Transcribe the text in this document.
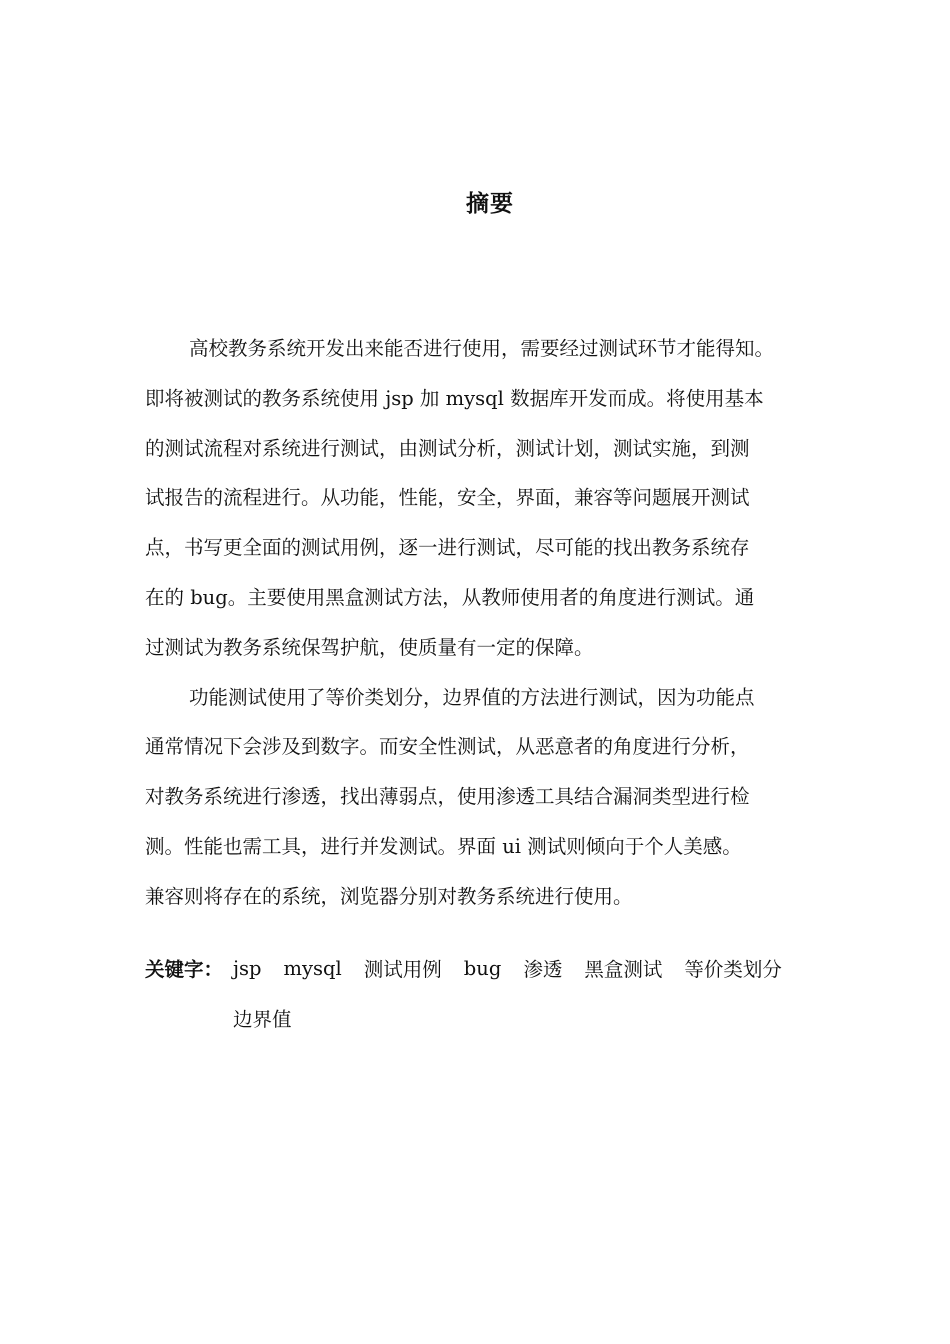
摘要
高校教务系统开发出来能否进行使用，需要经过测试环节才能得知。
即将被测试的教务系统使用 jsp 加 mysql 数据库开发而成。将使用基本
的测试流程对系统进行测试，由测试分析，测试计划，测试实施，到测
试报告的流程进行。从功能，性能，安全，界面，兼容等问题展开测试
点，书写更全面的测试用例，逐一进行测试，尽可能的找出教务系统存
在的 bug。主要使用黑盒测试方法，从教师使用者的角度进行测试。通
过测试为教务系统保驾护航，使质量有一定的保障。
功能测试使用了等价类划分，边界值的方法进行测试，因为功能点
通常情况下会涉及到数字。而安全性测试，从恶意者的角度进行分析，
对教务系统进行渗透，找出薄弱点，使用渗透工具结合漏洞类型进行检
测。性能也需工具，进行并发测试。界面 ui 测试则倾向于个人美感。
兼容则将存在的系统，浏览器分别对教务系统进行使用。
关键字： jsp mysql 测试用例 bug 渗透 黑盒测试 等价类划分
边界值
